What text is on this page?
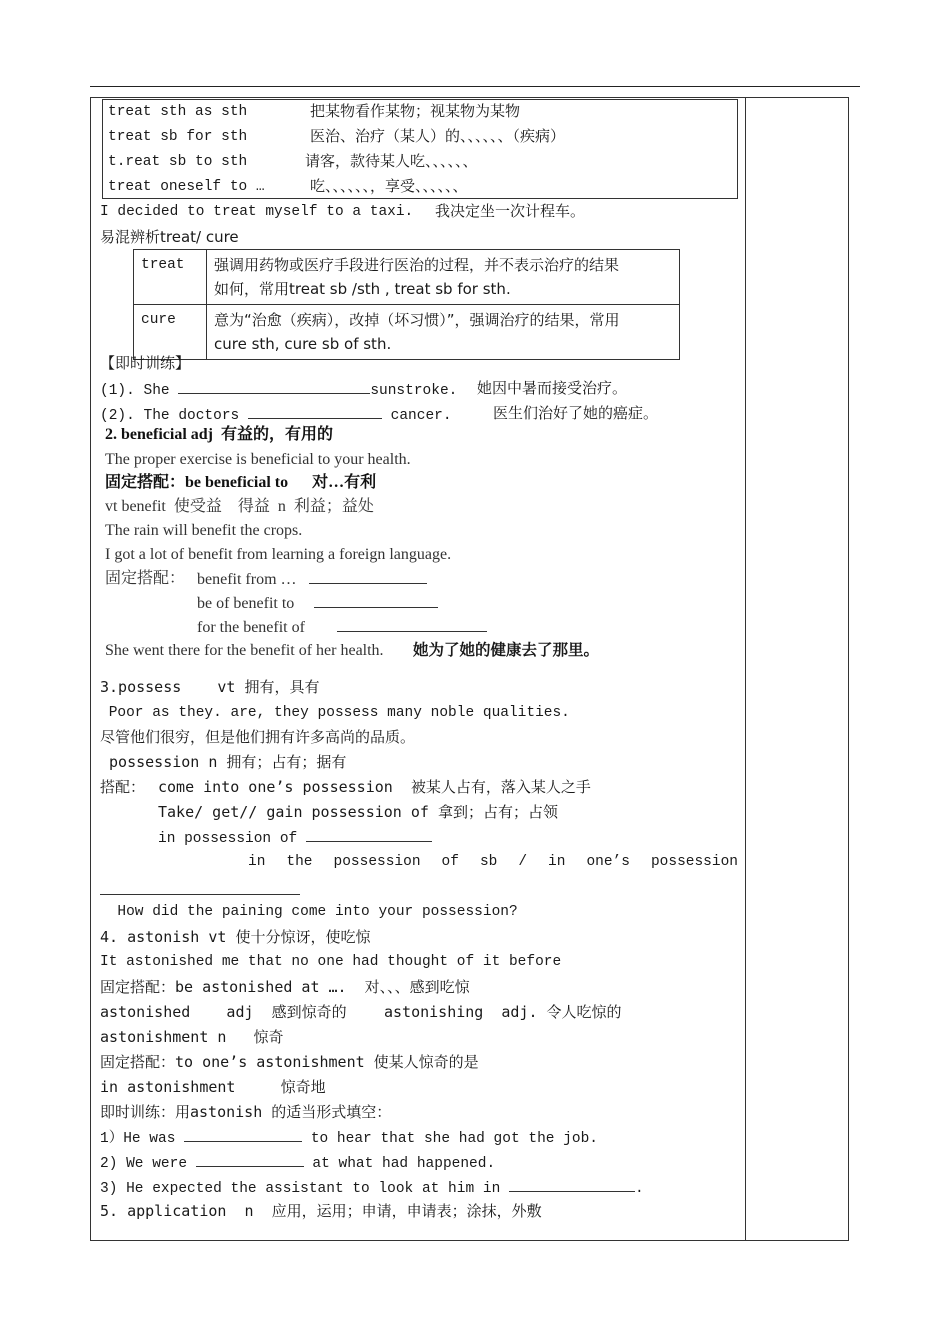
treat sth as sth	把某物看作某物；视某物为某物
treat sb for sth	医治、治疗（某人）的、、、、、、（疾病）
t.reat sb to sth	请客，款待某人吃、、、、、、
treat oneself to …	吃、、、、、、，享受、、、、、、
I decided to treat myself to a taxi. 我决定坐一次计程车。
易混辨析treat/ cure
treat	强调用药物或医疗手段进行医治的过程，并不表示治疗的结果
如何，常用treat sb /sth , treat sb for sth.

cure	意为“治愈（疾病），改掉（坏习惯）”，强调治疗的结果，常用
cure sth, cure sb of sth.
【即时训练】
(1). She	sunstroke. 她因中暑而接受治疗。
(2). The doctors	cancer.	医生们治好了她的癌症。
2. beneficial adj  有益的，有用的
The proper exercise is beneficial to your health.
固定搭配：be beneficial to      对…有利
vt benefit  使受益    得益  n  利益；益处
The rain will benefit the crops.
I got a lot of benefit from learning a foreign language.
固定搭配： benefit from …
be of benefit to
for the benefit of
She went there for the benefit of her health. 她为了她的健康去了那里。
3.possess    vt 拥有，具有
Poor as they. are, they possess many noble qualities.
尽管他们很穷，但是他们拥有许多高尚的品质。
possession n 拥有；占有；据有
搭配： come into one’s possession  被某人占有，落入某人之手
Take/ get// gain possession of 拿到；占有；占领
in possession of
in the possession of sb / in one’s possession
How did the paining come into your possession?
4. astonish vt 使十分惊讶，使吃惊
It astonished me that no one had thought of it before
固定搭配：be astonished at ….  对、、、感到吃惊
astonished    adj  感到惊奇的 astonishing  adj. 令人吃惊的
astonishment n   惊奇
固定搭配：to one’s astonishment 使某人惊奇的是
in astonishment     惊奇地
即时训练：用astonish 的适当形式填空：
1）He was	to hear that she had got the job.
2) We were	at what had happened.
3) He expected the assistant to look at him in	.
5. application  n  应用，运用；申请，申请表；涂抹，外敷
